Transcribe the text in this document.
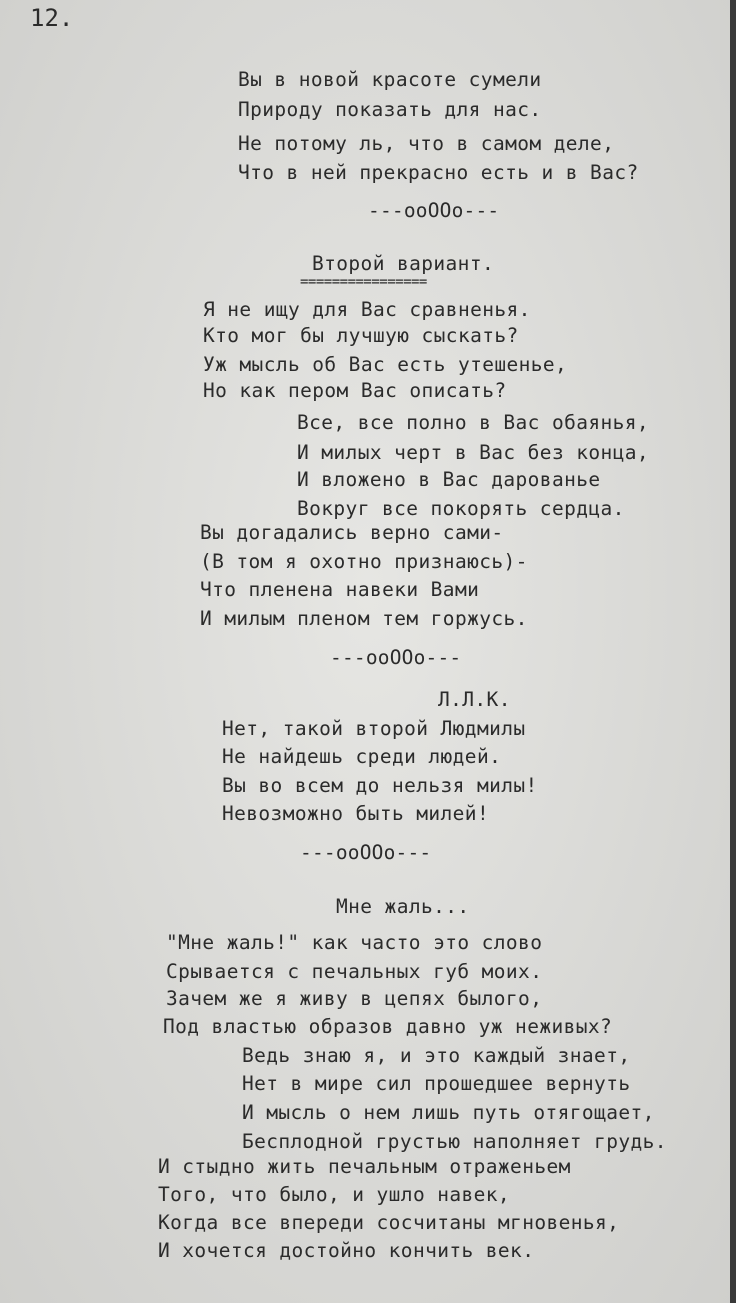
12.
Вы в новой красоте сумели
Природу показать для нас.
Не потому ль, что в самом деле,
Что в ней прекрасно есть и в Вас?
---ооООо---
Второй вариант.
================
Я не ищу для Вас сравненья.
Кто мог бы лучшую сыскать?
Уж мысль об Вас есть утешенье,
Но как пером Вас описать?
Все, все полно в Вас обаянья,
И милых черт в Вас без конца,
И вложено в Вас дарованье
Вокруг все покорять сердца.
Вы догадались верно сами-
(В том я охотно признаюсь)-
Что пленена навеки Вами
И милым пленом тем горжусь.
---ооООо---
Л.Л.К.
Нет, такой второй Людмилы
Не найдешь среди людей.
Вы во всем до нельзя милы!
Невозможно быть милей!
---ооООо---
Мне жаль...
"Мне жаль!" как часто это слово
Срывается с печальных губ моих.
Зачем же я живу в цепях былого,
Под властью образов давно уж неживых?
Ведь знаю я, и это каждый знает,
Нет в мире сил прошедшее вернуть
И мысль о нем лишь путь отягощает,
Бесплодной грустью наполняет грудь.
И стыдно жить печальным отраженьем
Того, что было, и ушло навек,
Когда все впереди сосчитаны мгновенья,
И хочется достойно кончить век.
